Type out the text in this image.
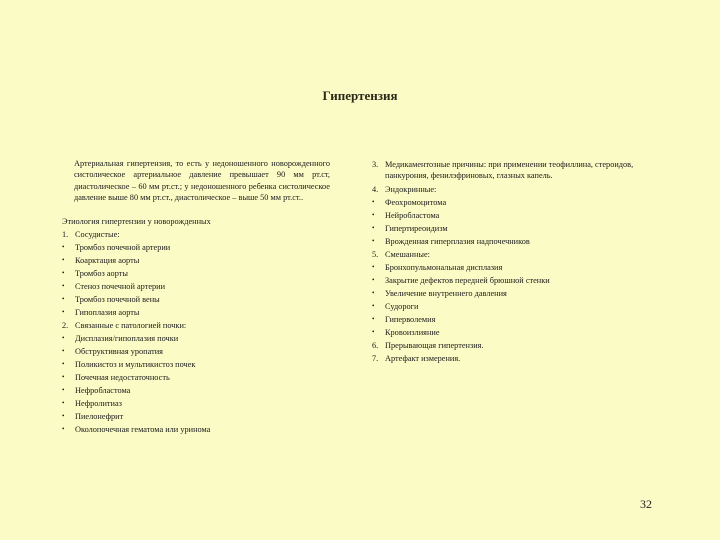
Гипертензия
Артериальная гипертензия, то есть у недоношенного новорожденного систолическое артериальное давление превышает 90 мм рт.ст, диастолическое – 60 мм рт.ст.; у недоношенного ребенка систолическое давление выше 80 мм рт.ст., диастолическое – выше 50 мм рт.ст..
Этиология гипертензии у новорожденных
1. Сосудистые:
•	Тромбоз почечной артерии
•	Коарктация аорты
•	Тромбоз аорты
•	Стеноз почечной артерии
•	Тромбоз почечной вены
•	Гипоплазия аорты
2. Связанные с патологией почки:
•	Дисплазия/гипоплазия почки
•	Обструктивная уропатия
•	Поликистоз и мультикистоз почек
•	Почечная недостаточность
•	Нефробластома
•	Нефролитиаз
•	Пиелонефрит
•	Околопочечная гематома или уринома
3. Медикаментозные причины: при применении теофиллина, стероидов, панкурония, фенилэфриновых, глазных капель.
4. Эндокринные:
•	Феохромоцитома
•	Нейробластома
•	Гипертиреоидизм
•	Врожденная гиперплазия надпочечников
5. Смешанные:
•	Бронхопульмональная дисплазия
•	Закрытие дефектов передней брюшной стенки
•	Увеличение внутреннего давления
•	Судороги
•	Гиперволемия
•	Кровоизлияние
6. Прерывающая гипертензия.
7. Артефакт измерения.
32
